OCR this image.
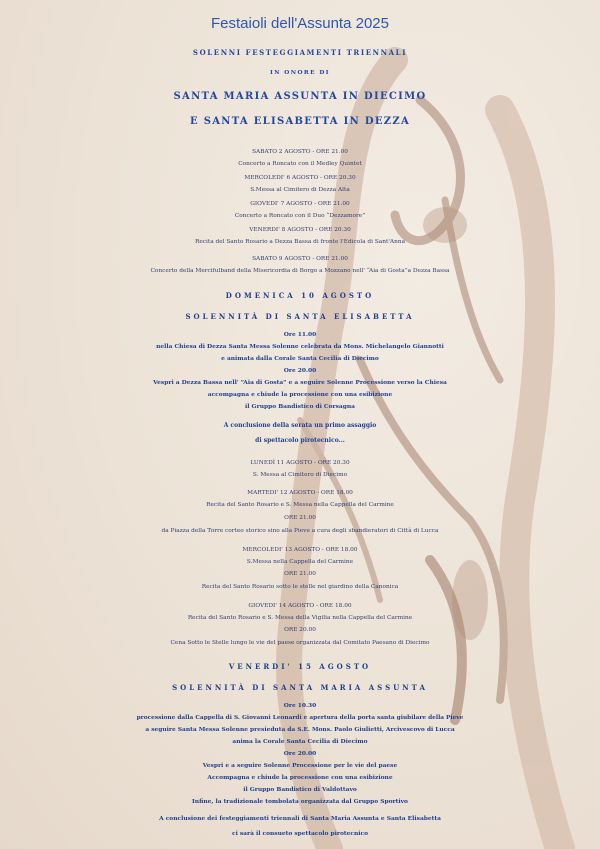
Festaioli dell'Assunta 2025
SOLENNI FESTEGGIAMENTI TRIENNALI
IN ONORE DI
SANTA MARIA ASSUNTA IN DIECIMO
E SANTA ELISABETTA IN DEZZA
SABATO 2 AGOSTO - ORE 21.00
Concerto a Roncato con il Medley Quintet
MERCOLEDI' 6 AGOSTO - ORE 20.30
S.Messa al Cimitero di Dezza Alta
GIOVEDI' 7 AGOSTO - ORE 21.00
Concerto a Roncato con il Duo “Dezzamore”
VENERDI' 8 AGOSTO - ORE 20.30
Recita del Santo Rosario a Dezza Bassa di fronte l'Edicola di Sant'Anna
SABATO 9 AGOSTO - ORE 21.00
Concerto della Mercifulband della Misericordia di Borgo a Mozzano nell' “Aia di Gosta”a Dezza Bassa
DOMENICA 10 AGOSTO
SOLENNITÀ DI SANTA ELISABETTA
Ore 11.00
nella Chiesa di Dezza Santa Messa Solenne celebrata da Mons. Michelangelo Giannotti
e animata dalla Corale Santa Cecilia di Diecimo
Ore 20.00
Vespri a Dezza Bassa nell' “Aia di Gosta” e a seguire Solenne Processione verso la Chiesa
accompagna e chiude la processione con una esibizione
il Gruppo Bandistico di Corsagna
A conclusione della serata un primo assaggio
di spettacolo pirotecnico...
LUNEDÌ 11 AGOSTO - ORE 20.30
S. Messa al Cimitero di Diecimo
MARTEDI' 12 AGOSTO - ORE 18.00
Recita del Santo Rosario e S. Messa nella Cappella del Carmine
ORE 21.00
da Piazza della Torre corteo storico sino alla Pieve a cura degli sbandieratori di Città di Lucca
MERCOLEDI' 13 AGOSTO - ORE 18.00
S.Messa nella Cappella del Carmine
ORE 21.00
Recita del Santo Rosario sotto le stelle nel giardino della Canonica
GIOVEDI' 14 AGOSTO - ORE 18.00
Recita del Santo Rosario e S. Messa della Vigilia nella Cappella del Carmine
ORE 20.00
Cena Sotto le Stelle lungo le vie del paese organizzata dal Comitato Paesano di Diecimo
VENERDI' 15 AGOSTO
SOLENNITÀ DI SANTA MARIA ASSUNTA
Ore 10.30
processione dalla Cappella di S. Giovanni Leonardi e apertura della porta santa giubilare della Pieve
a seguire Santa Messa Solenne presieduta da S.E. Mons. Paolo Giulietti, Arcivescovo di Lucca
anima la Corale Santa Cecilia di Diecimo
Ore 20.00
Vespri e a seguire Solenne Processione per le vie del paese
Accompagna e chiude la processione con una esibizione
il Gruppo Bandistico di Valdottavo
Infine, la tradizionale tombolata organizzata dal Gruppo Sportivo
A conclusione dei festeggiamenti triennali di Santa Maria Assunta e Santa Elisabetta
ci sarà il consueto spettacolo pirotecnico
